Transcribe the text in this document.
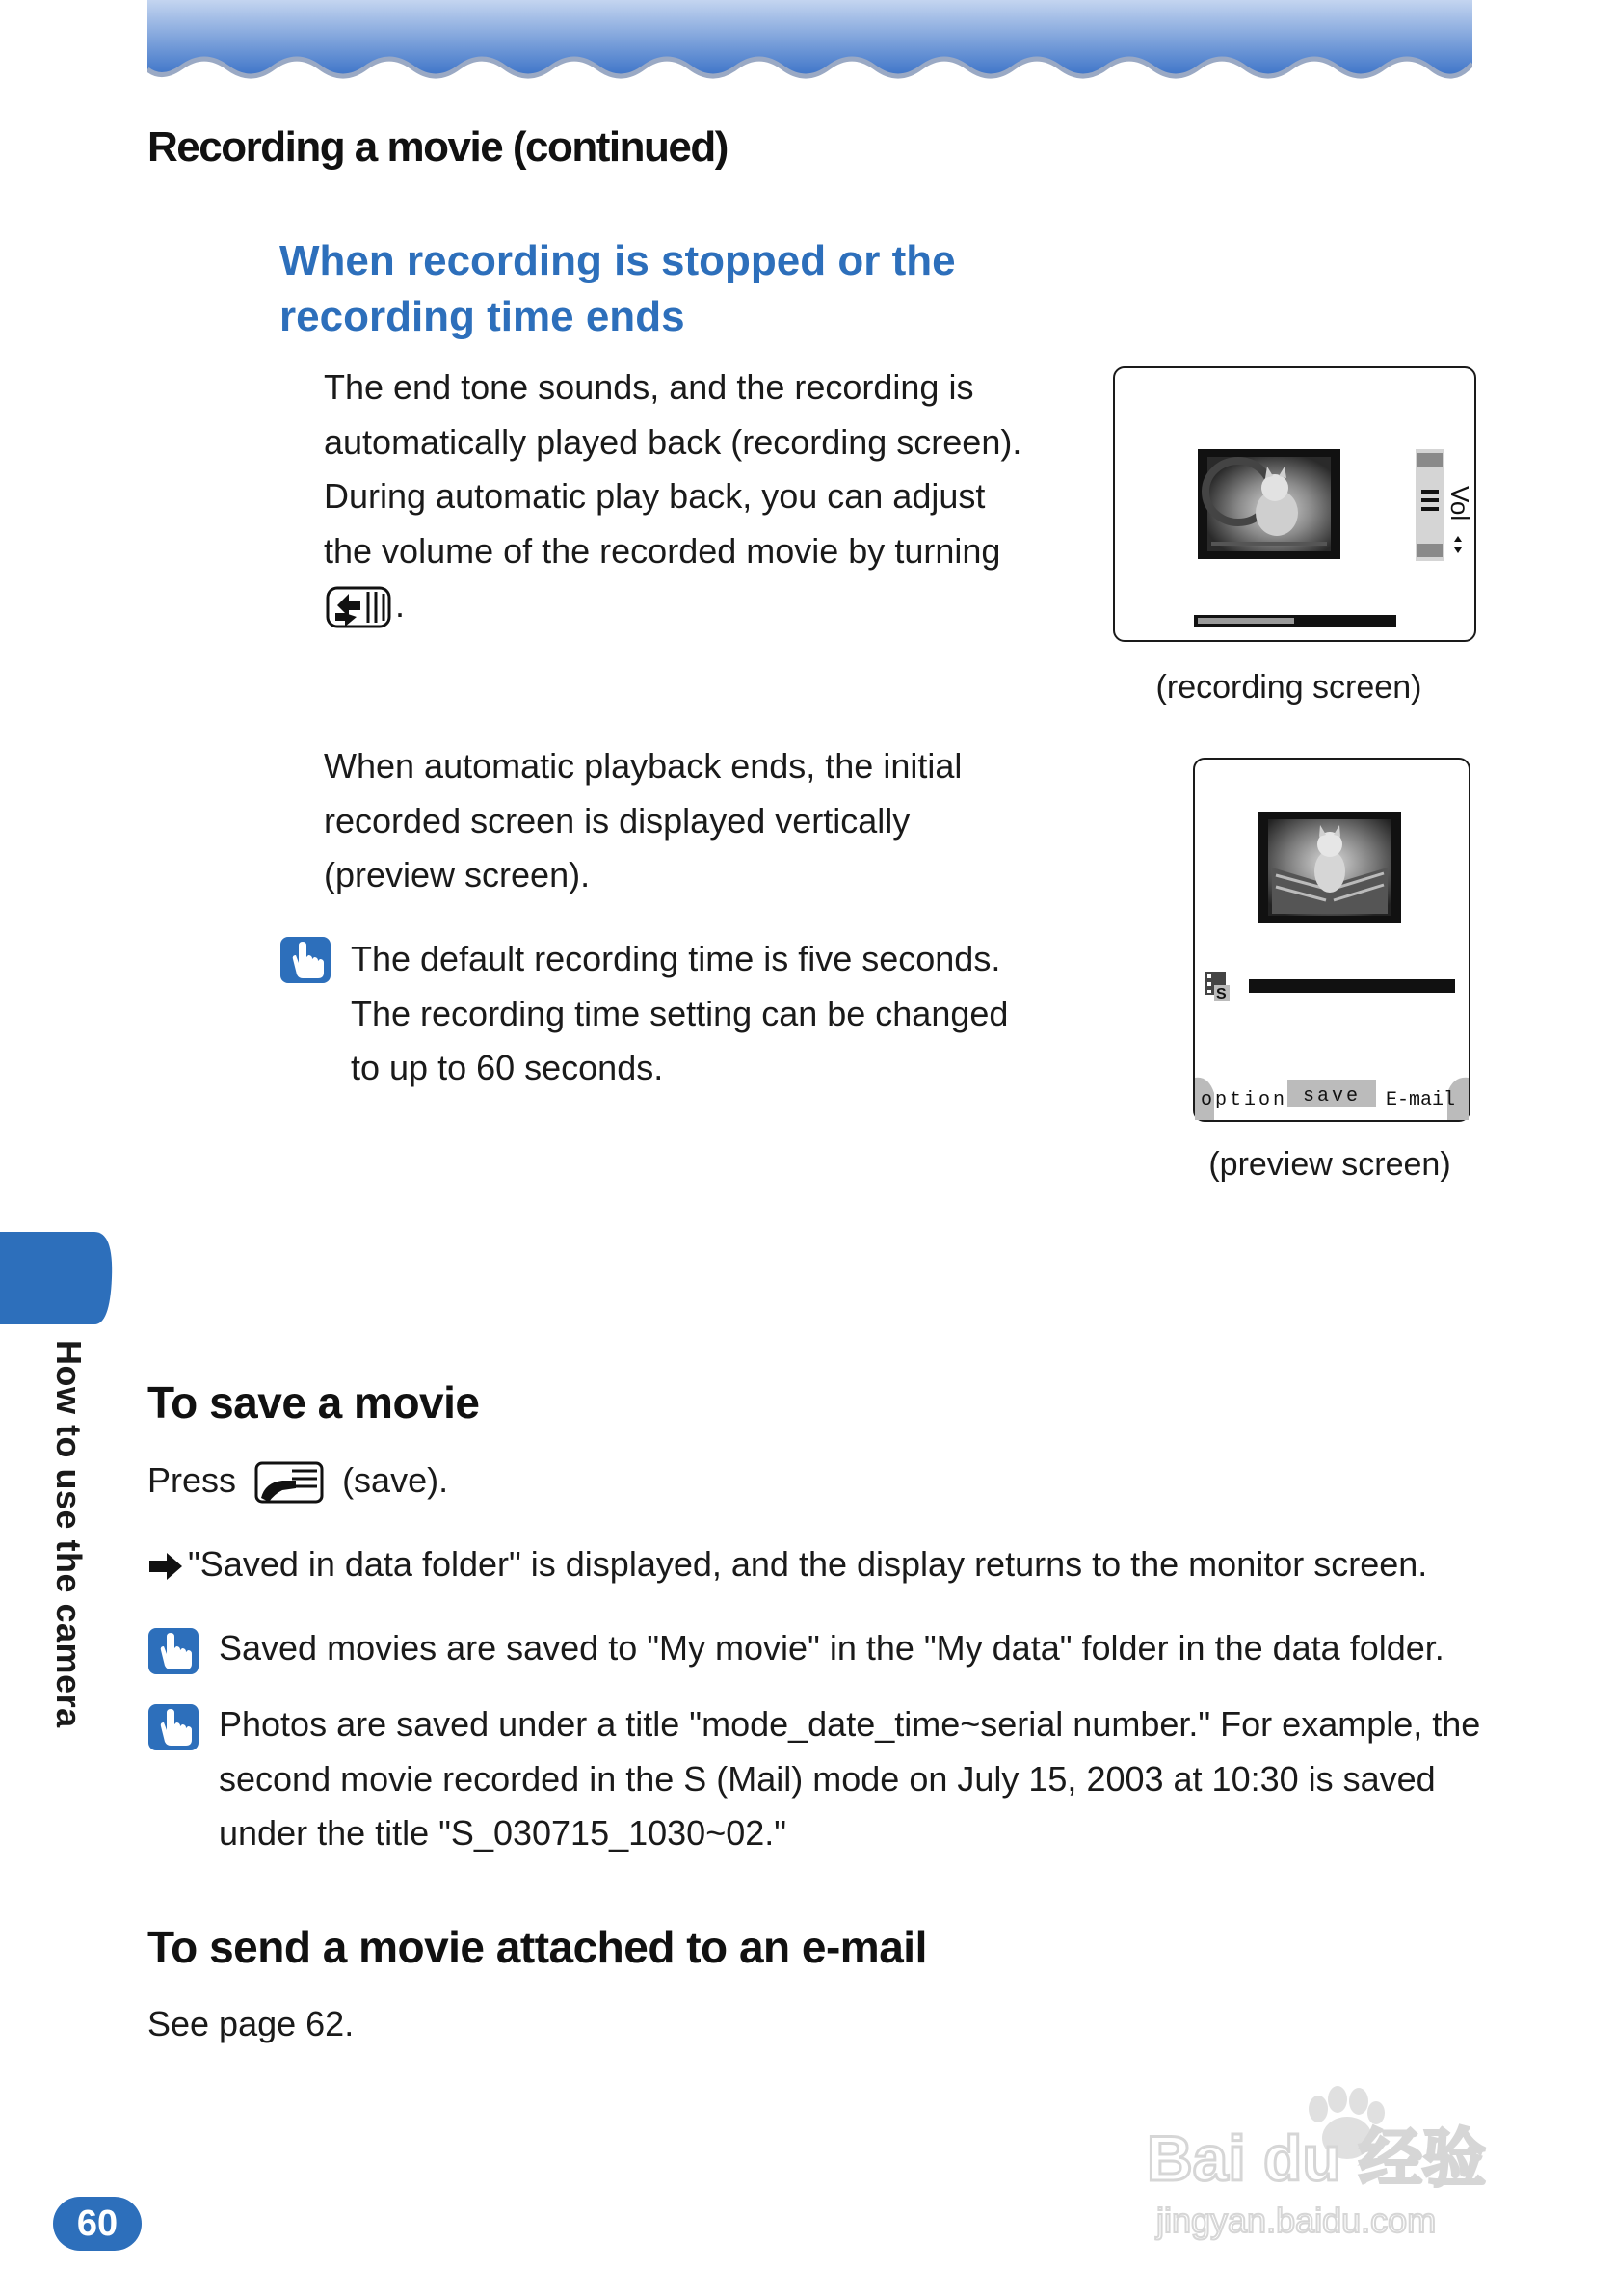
Recording a movie (continued)
When recording is stopped or the recording time ends
The end tone sounds, and the recording is automatically played back (recording screen). During automatic play back, you can adjust the volume of the recorded movie by turning .
Vol
(recording screen)
When automatic playback ends, the initial recorded screen is displayed vertically (preview screen).
The default recording time is five seconds. The recording time setting can be changed to up to 60 seconds.
S
option save E-mail
(preview screen)
How to use the camera To save a movie
Press	(save).
"Saved in data folder" is displayed, and the display returns to the monitor screen.
Saved movies are saved to "My movie" in the "My data" folder in the data folder.
Photos are saved under a title "mode_date_time~serial number." For example, the second movie recorded in the S (Mail) mode on July 15, 2003 at 10:30 is saved under the title "S_030715_1030~02."
To send a movie attached to an e-mail
See page 62.
60
Bai du 经验
jingyan.baidu.com
